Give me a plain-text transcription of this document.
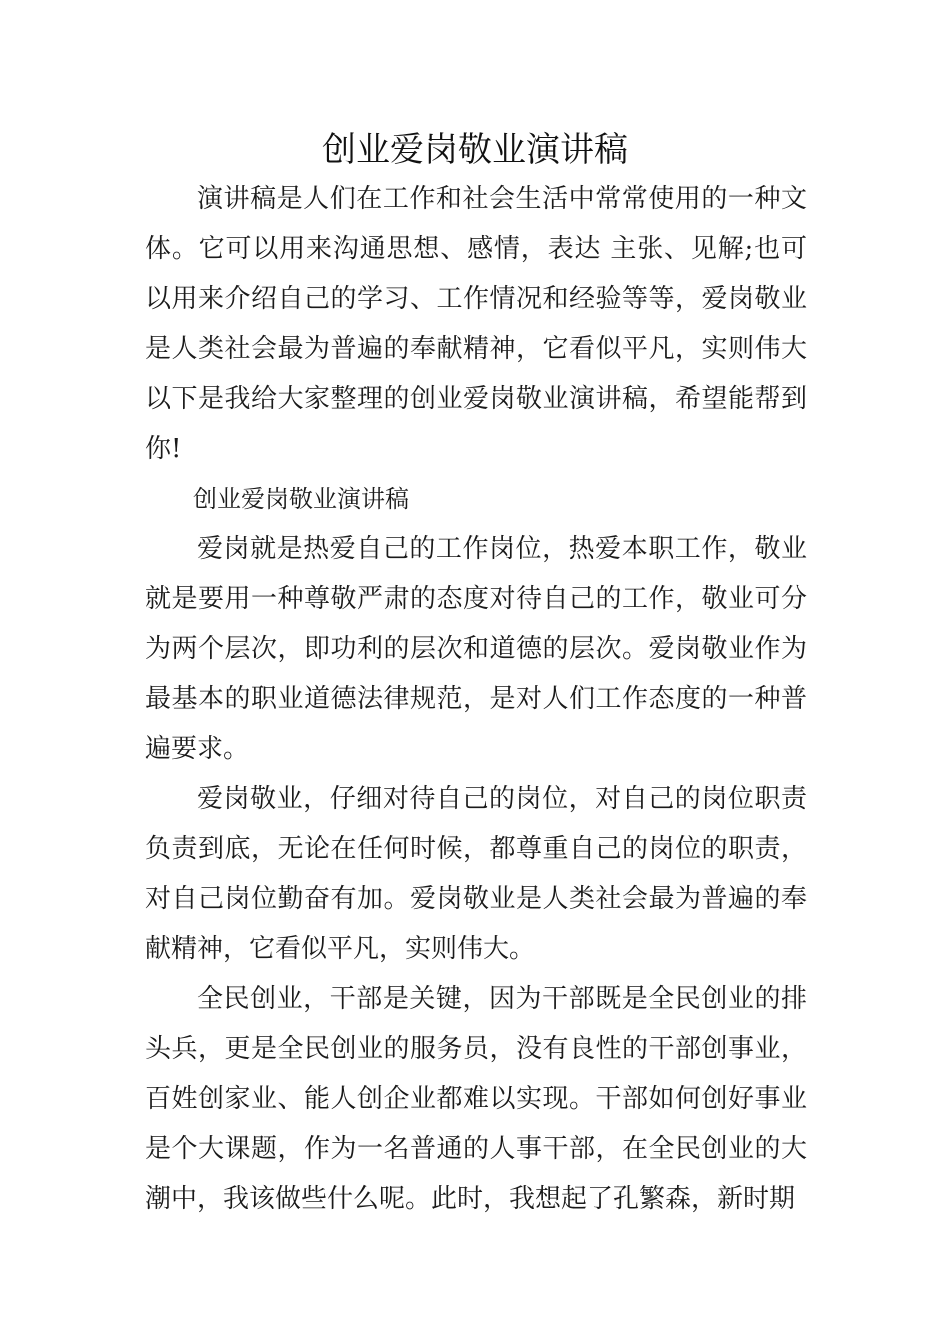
创业爱岗敬业演讲稿

演讲稿是人们在工作和社会生活中常常使用的一种文体。它可以用来沟通思想、感情，表达 主张、见解;也可以用来介绍自己的学习、工作情况和经验等等，爱岗敬业是人类社会最为普遍的奉献精神，它看似平凡，实则伟大以下是我给大家整理的创业爱岗敬业演讲稿，希望能帮到你!

创业爱岗敬业演讲稿

爱岗就是热爱自己的工作岗位，热爱本职工作，敬业就是要用一种尊敬严肃的态度对待自己的工作，敬业可分为两个层次，即功利的层次和道德的层次。爱岗敬业作为最基本的职业道德法律规范，是对人们工作态度的一种普遍要求。

爱岗敬业，仔细对待自己的岗位，对自己的岗位职责负责到底，无论在任何时候，都尊重自己的岗位的职责，对自己岗位勤奋有加。爱岗敬业是人类社会最为普遍的奉献精神，它看似平凡，实则伟大。

全民创业，干部是关键，因为干部既是全民创业的排头兵，更是全民创业的服务员，没有良性的干部创事业，百姓创家业、能人创企业都难以实现。干部如何创好事业是个大课题，作为一名普通的人事干部，在全民创业的大潮中，我该做些什么呢。此时，我想起了孔繁森，新时期
